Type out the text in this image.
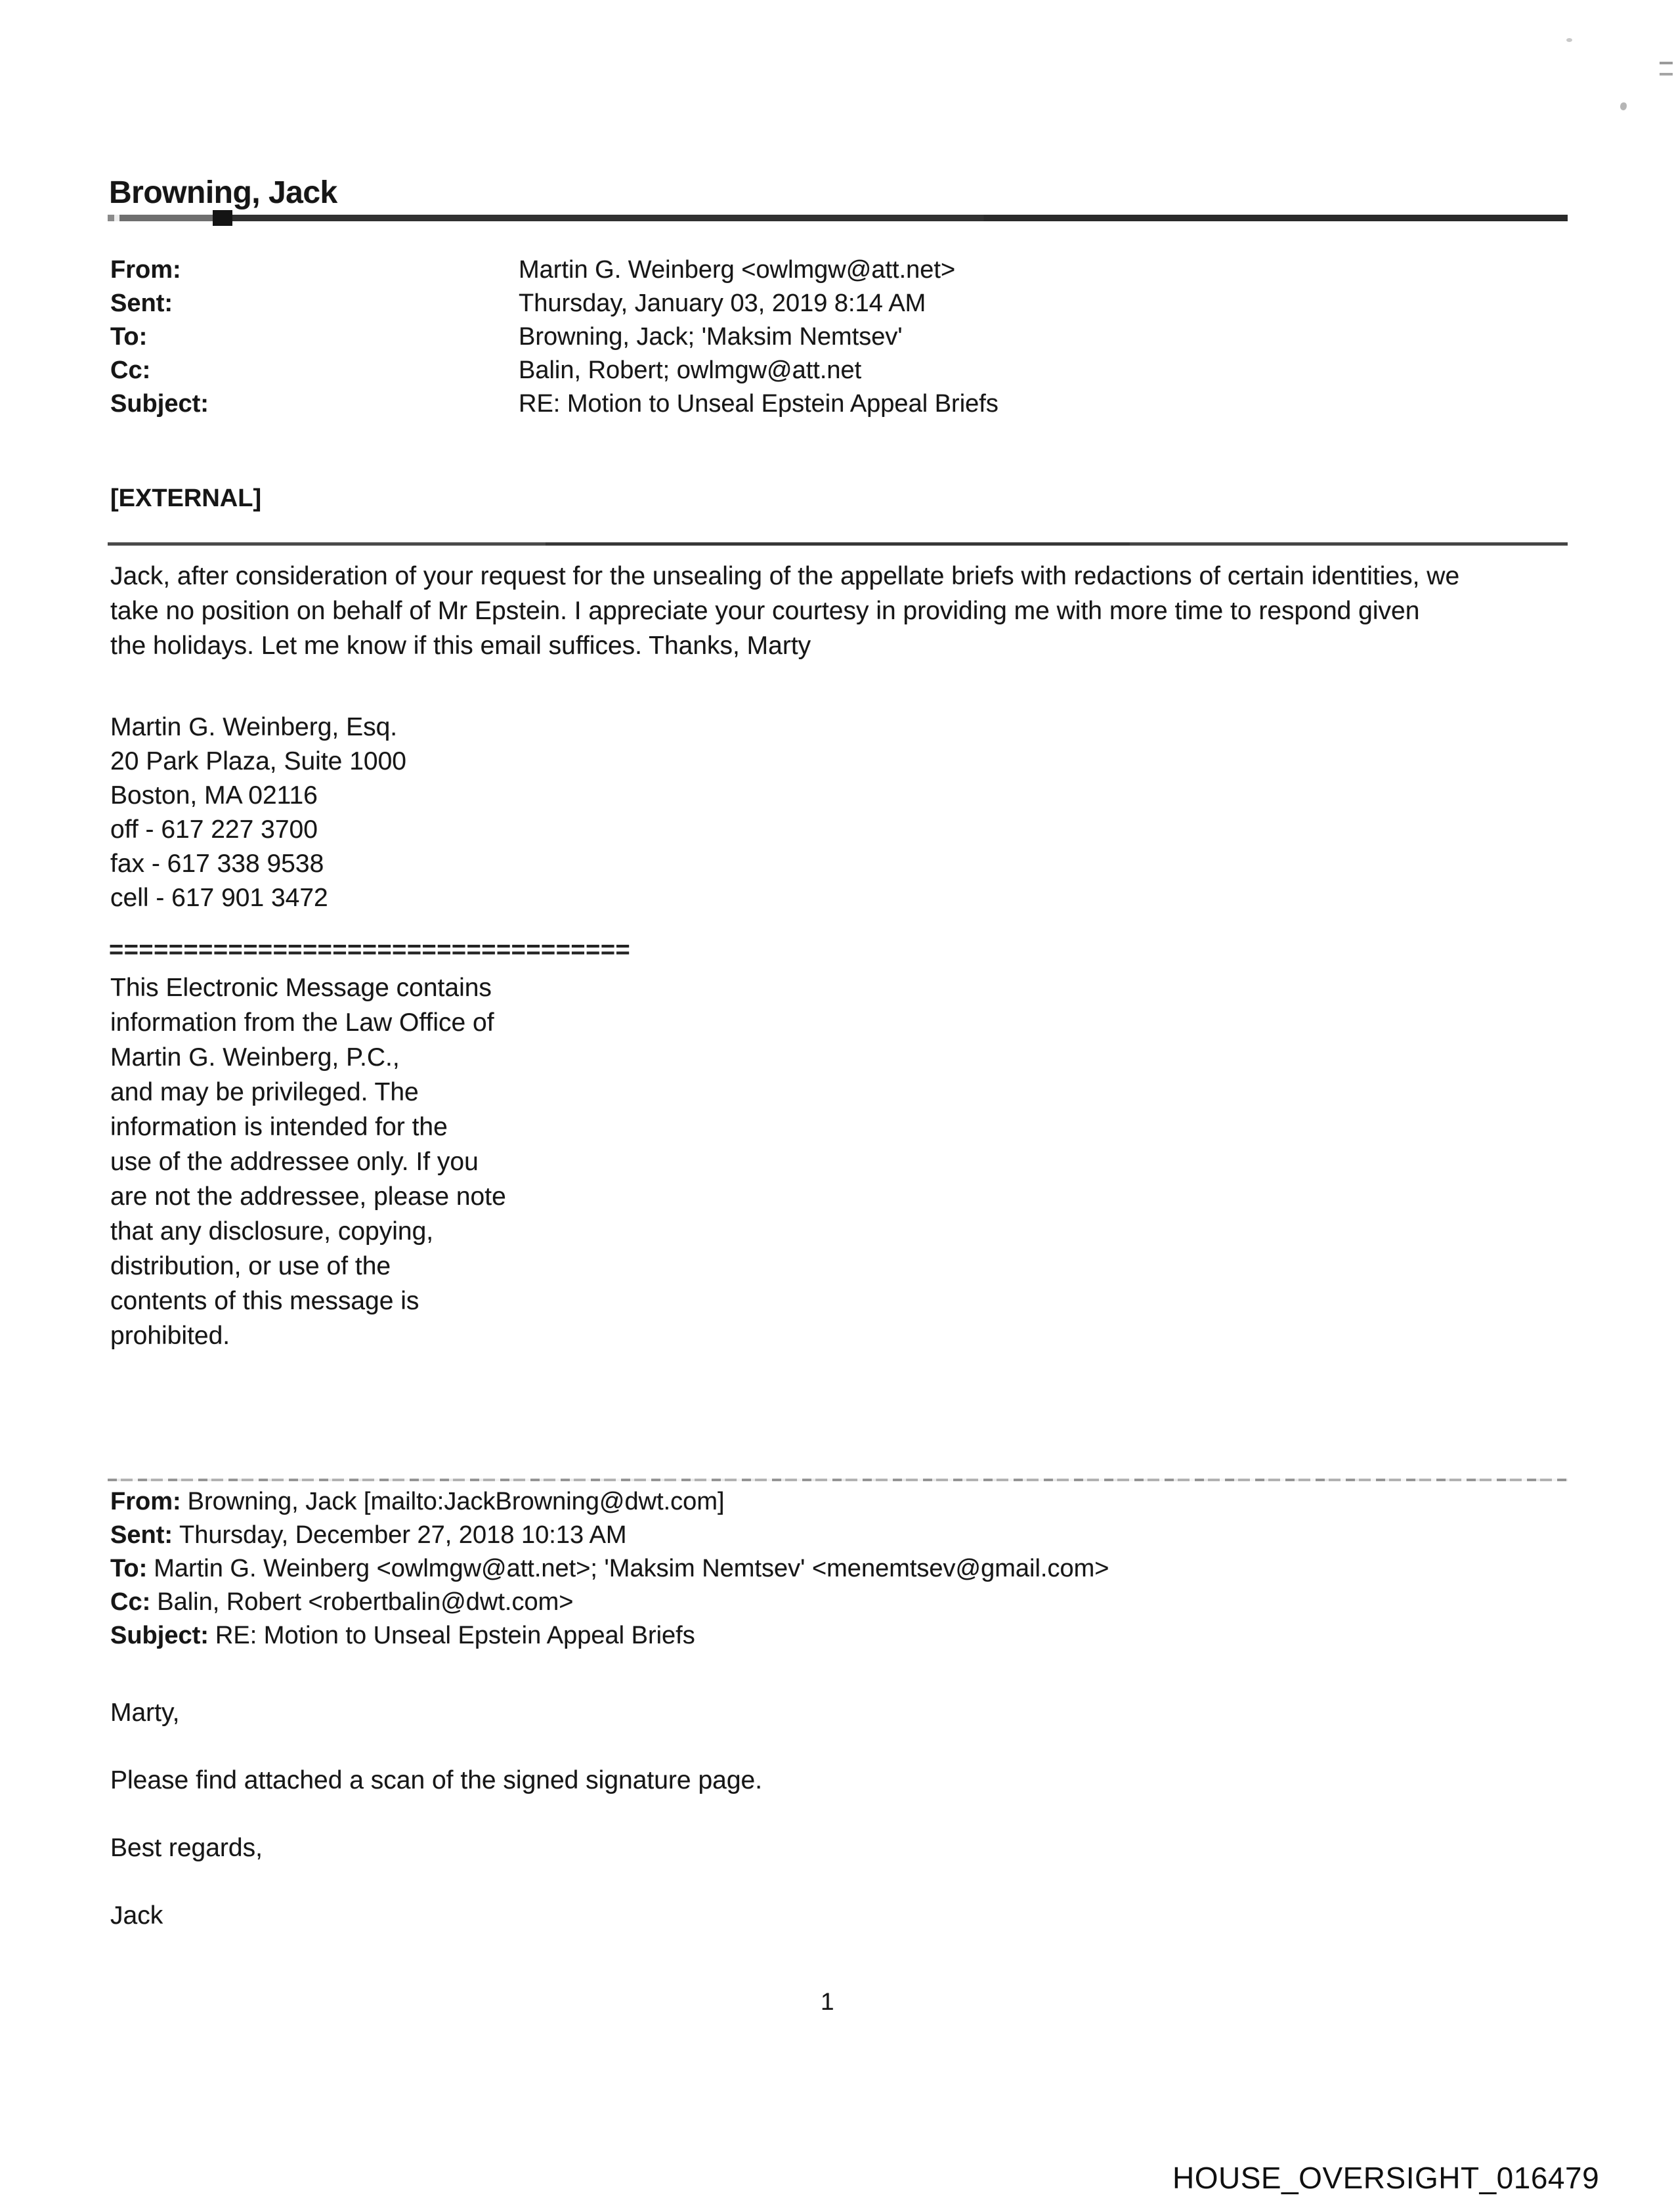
Browning, Jack
From:	Martin G. Weinberg <owlmgw@att.net>
Sent:	Thursday, January 03, 2019 8:14 AM
To:	Browning, Jack; 'Maksim Nemtsev'
Cc:	Balin, Robert; owlmgw@att.net
Subject:	RE: Motion to Unseal Epstein Appeal Briefs
[EXTERNAL]
Jack, after consideration of your request for the unsealing of the appellate briefs with redactions of certain identities, we
take no position on behalf of Mr Epstein. I appreciate your courtesy in providing me with more time to respond given
the holidays. Let me know if this email suffices. Thanks, Marty
Martin G. Weinberg, Esq.
20 Park Plaza, Suite 1000
Boston, MA 02116
off - 617 227 3700
fax - 617 338 9538
cell - 617 901 3472
===================================
This Electronic Message contains
information from the Law Office of
Martin G. Weinberg, P.C.,
and may be privileged. The
information is intended for the
use of the addressee only. If you
are not the addressee, please note
that any disclosure, copying,
distribution, or use of the
contents of this message is
prohibited.
From: Browning, Jack [mailto:JackBrowning@dwt.com]
Sent: Thursday, December 27, 2018 10:13 AM
To: Martin G. Weinberg <owlmgw@att.net>; 'Maksim Nemtsev' <menemtsev@gmail.com>
Cc: Balin, Robert <robertbalin@dwt.com>
Subject: RE: Motion to Unseal Epstein Appeal Briefs
Marty,
Please find attached a scan of the signed signature page.
Best regards,
Jack
1
HOUSE_OVERSIGHT_016479
